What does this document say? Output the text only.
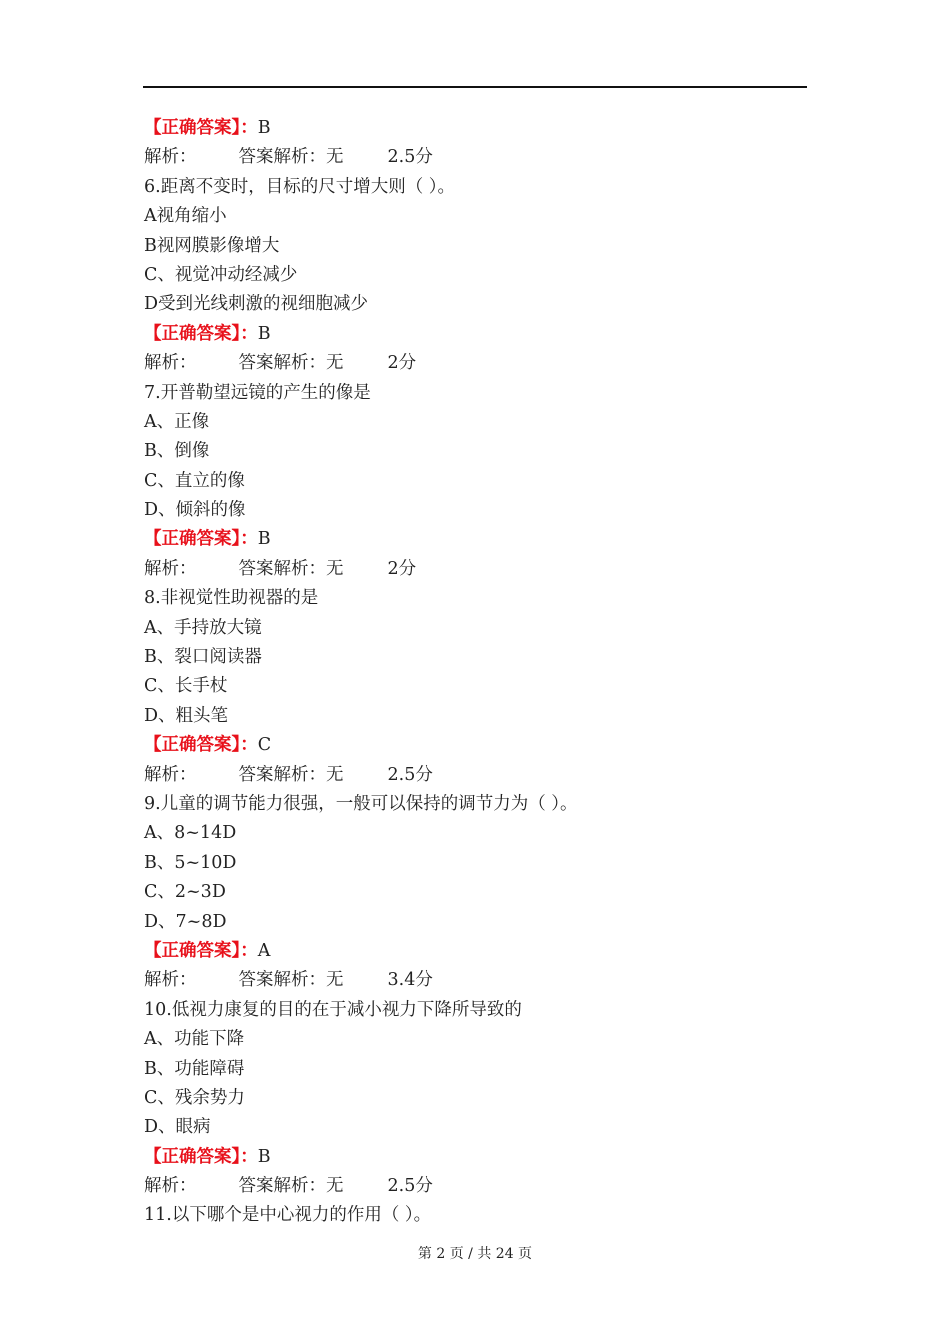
【正确答案】：B
解析： 答案解析：无	2.5分
6.距离不变时，目标的尺寸增大则（ ）。
A视角缩小
B视网膜影像增大
C、视觉冲动经减少
D受到光线刺激的视细胞减少
【正确答案】：B
解析： 答案解析：无	2分
7.开普勒望远镜的产生的像是
A、正像
B、倒像
C、直立的像
D、倾斜的像
【正确答案】：B
解析： 答案解析：无	2分
8.非视觉性助视器的是
A、手持放大镜
B、裂口阅读器
C、长手杖
D、粗头笔
【正确答案】：C
解析： 答案解析：无	2.5分
9.儿童的调节能力很强，一般可以保持的调节力为（ ）。
A、8~14D
B、5~10D
C、2~3D
D、7~8D
【正确答案】：A
解析： 答案解析：无	3.4分
10.低视力康复的目的在于减小视力下降所导致的
A、功能下降
B、功能障碍
C、残余势力
D、眼病
【正确答案】：B
解析： 答案解析：无	2.5分
11.以下哪个是中心视力的作用（ ）。
第 2 页 / 共 24 页
